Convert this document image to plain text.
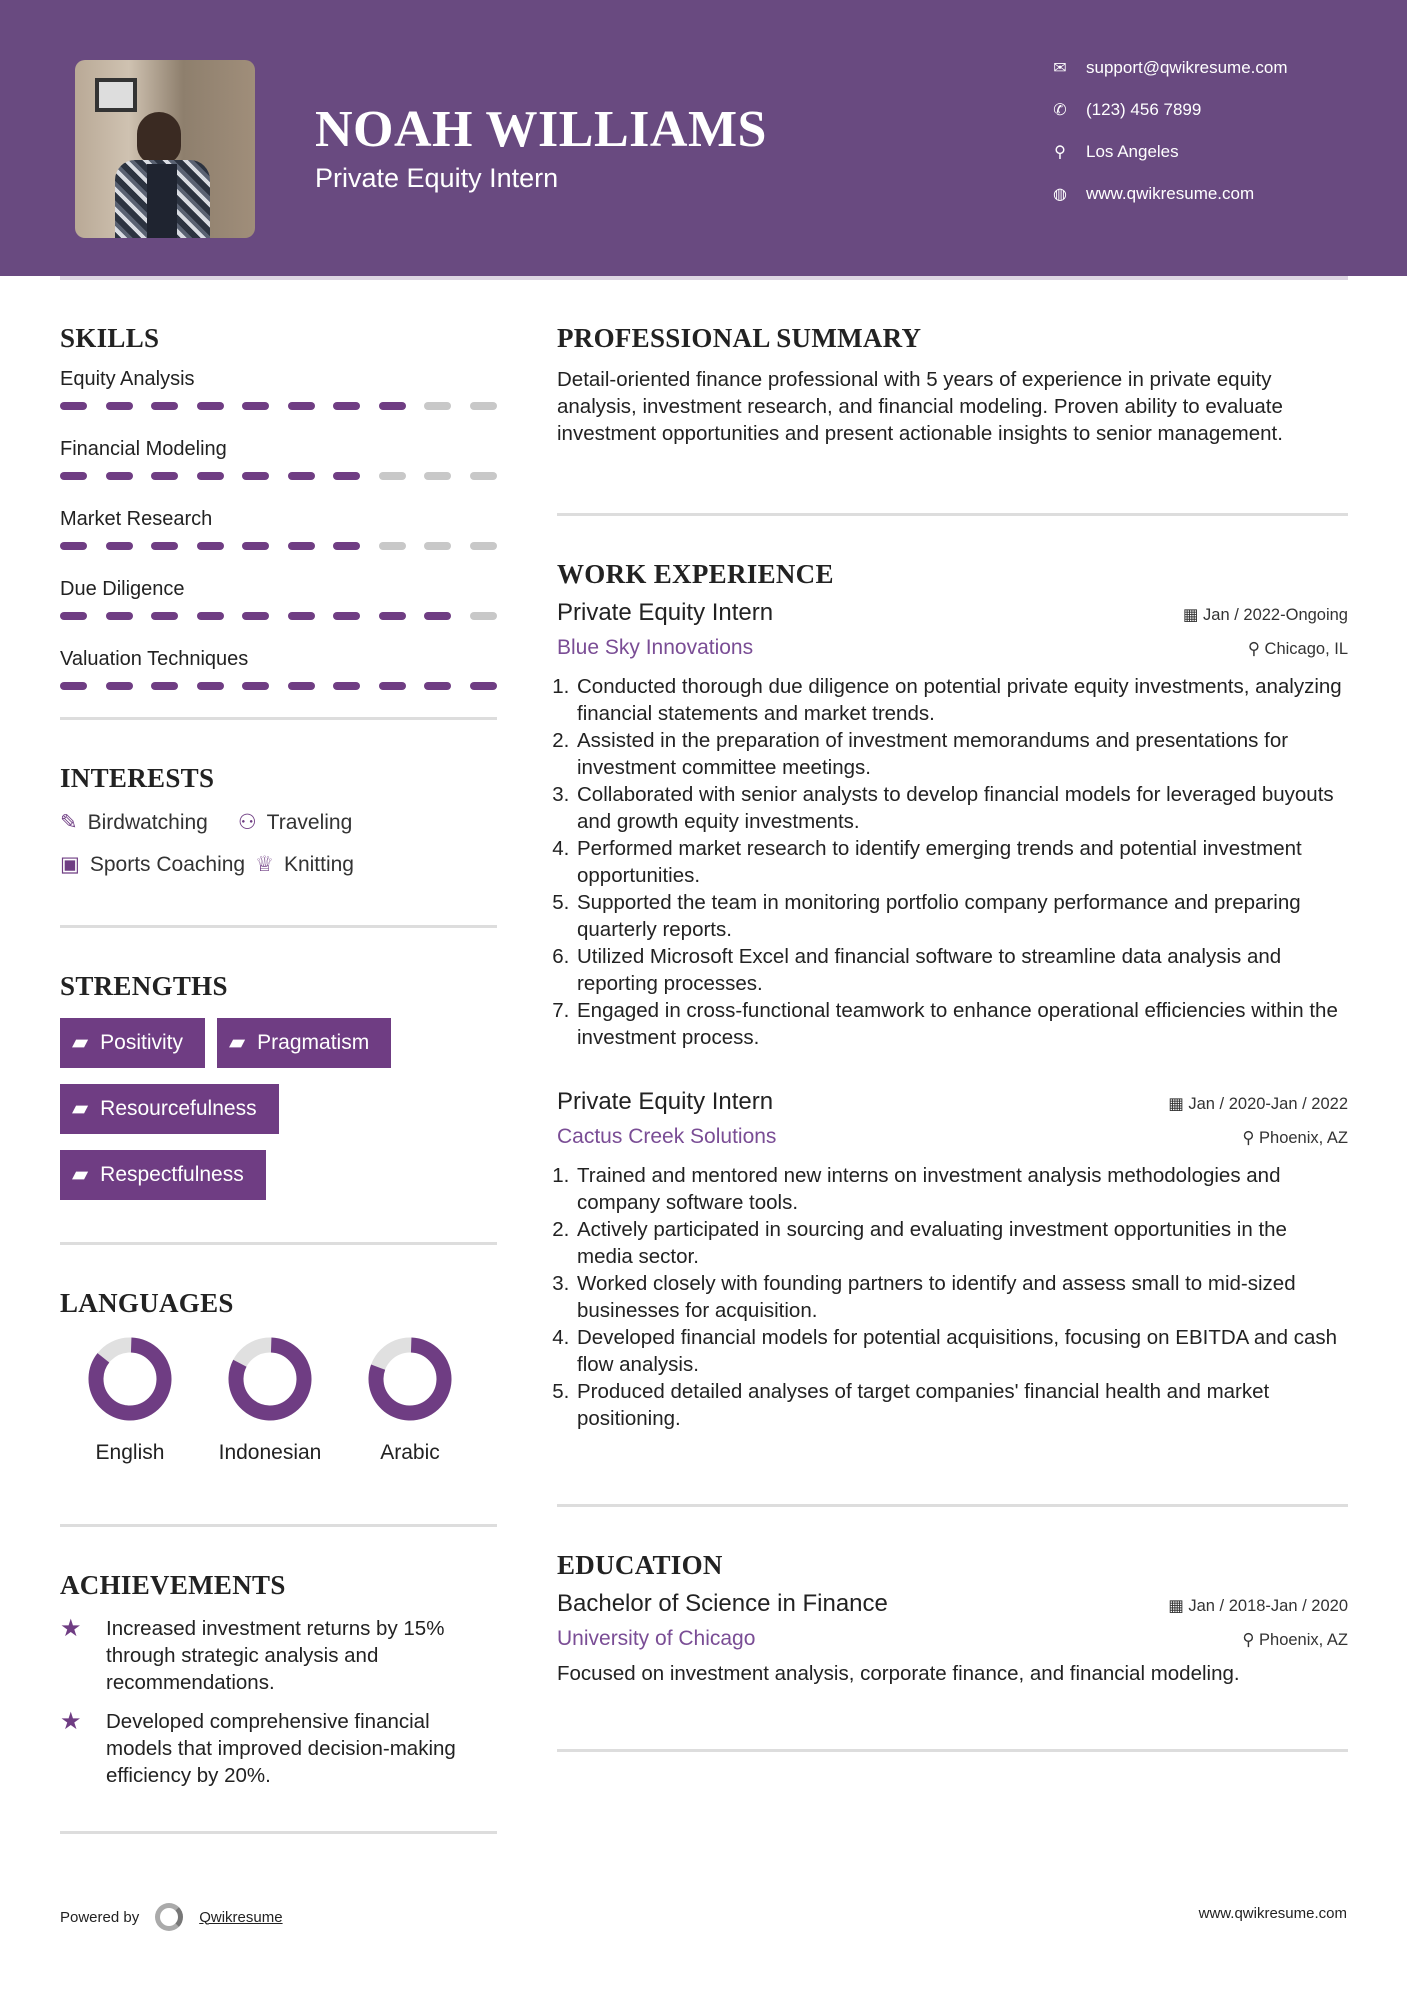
NOAH WILLIAMS
Private Equity Intern
✉ support@qwikresume.com
✆ (123) 456 7899
⚲ Los Angeles
◍ www.qwikresume.com
SKILLS
Equity Analysis
Financial Modeling
Market Research
Due Diligence
Valuation Techniques
INTERESTS
✎ Birdwatching ⚇ Traveling
▣ Sports Coaching ♕ Knitting
STRENGTHS
▰ Positivity ▰ Pragmatism
▰ Resourcefulness
▰ Respectfulness
LANGUAGES
English	Indonesian	Arabic
ACHIEVEMENTS
★	Increased investment returns by 15% through strategic analysis and recommendations.
★	Developed comprehensive financial models that improved decision-making efficiency by 20%.
PROFESSIONAL SUMMARY

Detail-oriented finance professional with 5 years of experience in private equity analysis, investment research, and financial modeling. Proven ability to evaluate investment opportunities and present actionable insights to senior management.

WORK EXPERIENCE
Private Equity Intern	▦ Jan / 2022-Ongoing
Blue Sky Innovations	⚲ Chicago, IL
1. Conducted thorough due diligence on potential private equity investments, analyzing financial statements and market trends.
2. Assisted in the preparation of investment memorandums and presentations for investment committee meetings.
3. Collaborated with senior analysts to develop financial models for leveraged buyouts and growth equity investments.
4. Performed market research to identify emerging trends and potential investment opportunities.
5. Supported the team in monitoring portfolio company performance and preparing quarterly reports.
6. Utilized Microsoft Excel and financial software to streamline data analysis and reporting processes.
7. Engaged in cross-functional teamwork to enhance operational efficiencies within the investment process.
Private Equity Intern	▦ Jan / 2020-Jan / 2022
Cactus Creek Solutions	⚲ Phoenix, AZ
1. Trained and mentored new interns on investment analysis methodologies and company software tools.
2. Actively participated in sourcing and evaluating investment opportunities in the media sector.
3. Worked closely with founding partners to identify and assess small to mid-sized businesses for acquisition.
4. Developed financial models for potential acquisitions, focusing on EBITDA and cash flow analysis.
5. Produced detailed analyses of target companies' financial health and market positioning.
EDUCATION
Bachelor of Science in Finance	▦ Jan / 2018-Jan / 2020
University of Chicago	⚲ Phoenix, AZ

Focused on investment analysis, corporate finance, and financial modeling.

Powered by	Qwikresume	www.qwikresume.com
